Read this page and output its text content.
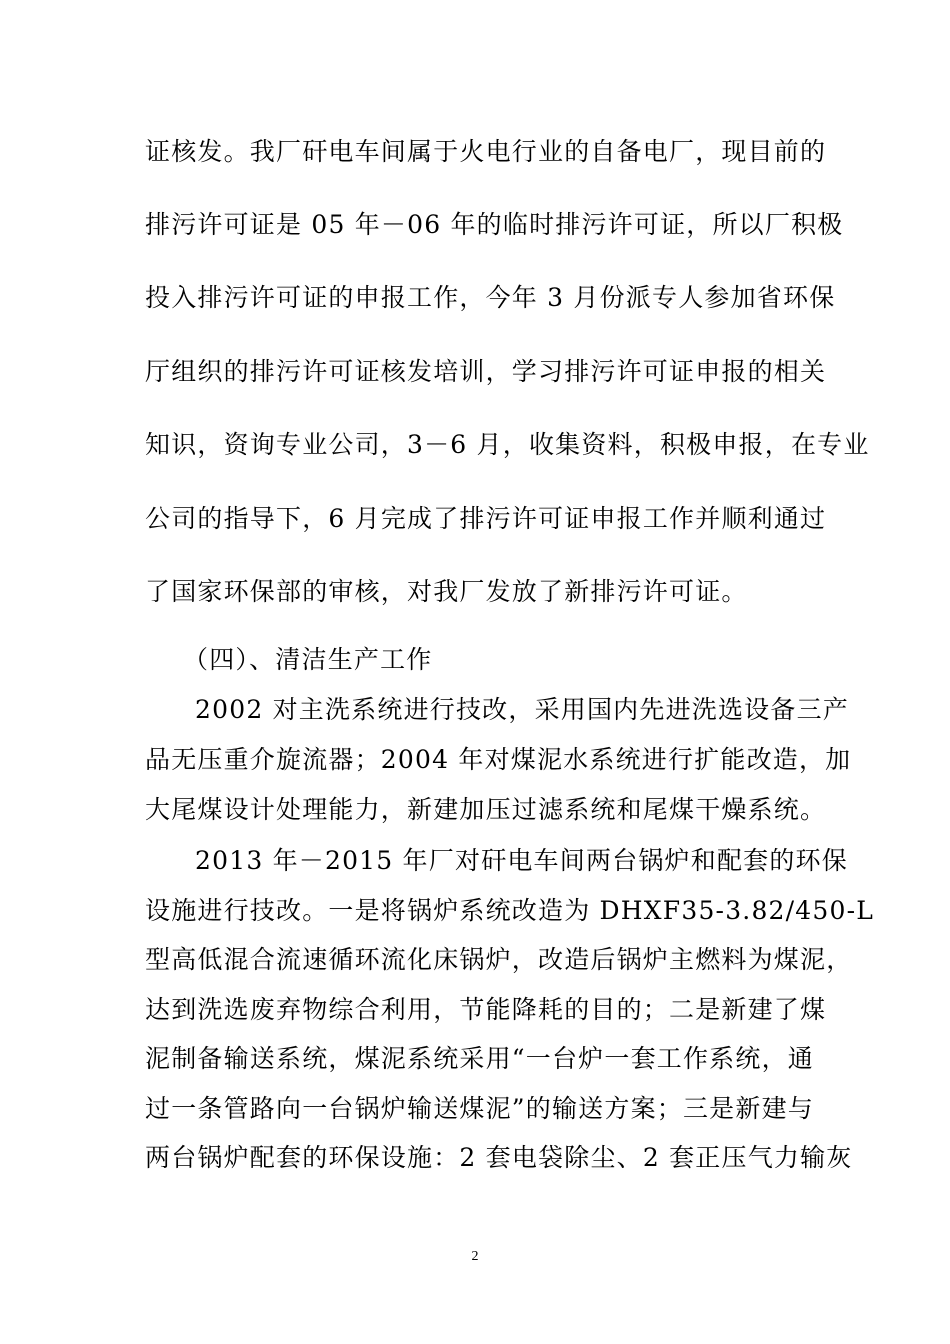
证核发。我厂矸电车间属于火电行业的自备电厂，现目前的
排污许可证是 05 年－06 年的临时排污许可证，所以厂积极
投入排污许可证的申报工作，今年 3 月份派专人参加省环保
厅组织的排污许可证核发培训，学习排污许可证申报的相关
知识，资询专业公司，3－6 月，收集资料，积极申报，在专业
公司的指导下，6 月完成了排污许可证申报工作并顺利通过
了国家环保部的审核，对我厂发放了新排污许可证。
（四）、清洁生产工作
2002 对主洗系统进行技改，采用国内先进洗选设备三产
品无压重介旋流器；2004 年对煤泥水系统进行扩能改造，加
大尾煤设计处理能力，新建加压过滤系统和尾煤干燥系统。
2013 年－2015 年厂对矸电车间两台锅炉和配套的环保
设施进行技改。一是将锅炉系统改造为 DHXF35-3.82/450-L
型高低混合流速循环流化床锅炉，改造后锅炉主燃料为煤泥，
达到洗选废弃物综合利用，节能降耗的目的；二是新建了煤
泥制备输送系统，煤泥系统采用“一台炉一套工作系统，通
过一条管路向一台锅炉输送煤泥”的输送方案；三是新建与
两台锅炉配套的环保设施：2 套电袋除尘、2 套正压气力输灰
2
